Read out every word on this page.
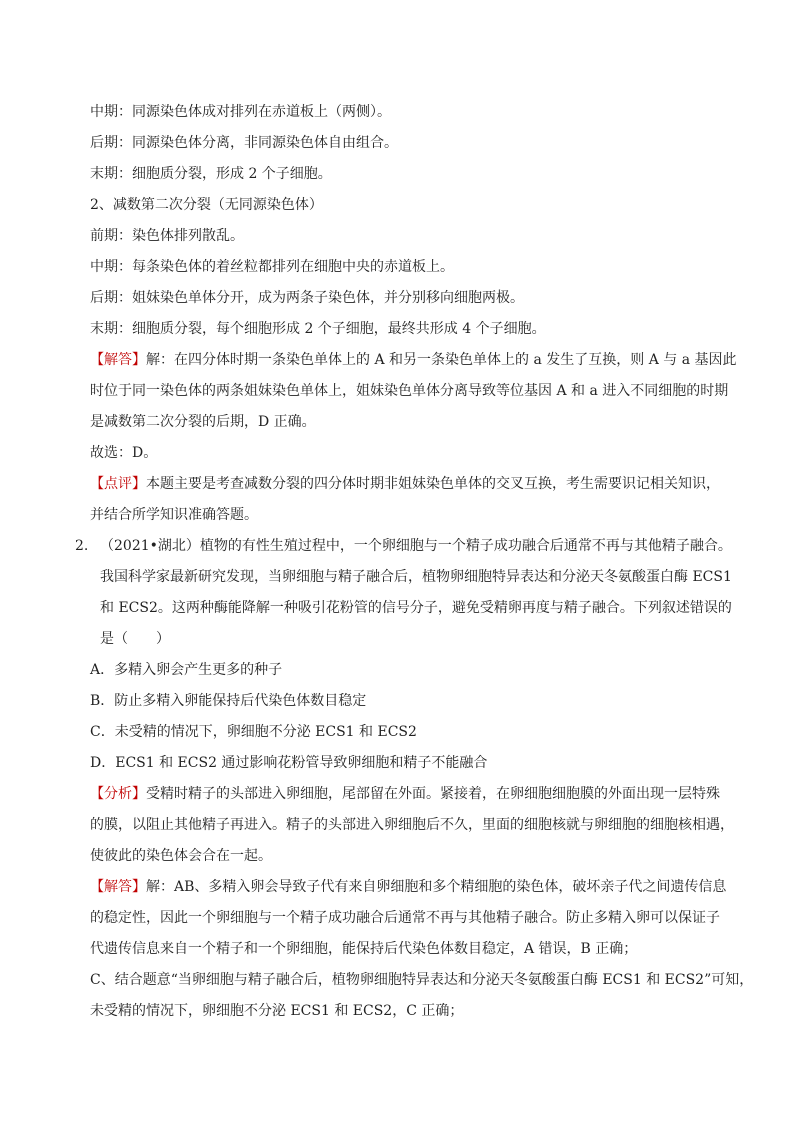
中期：同源染色体成对排列在赤道板上（两侧）。
后期：同源染色体分离，非同源染色体自由组合。
末期：细胞质分裂，形成 2 个子细胞。
2、减数第二次分裂（无同源染色体）
前期：染色体排列散乱。
中期：每条染色体的着丝粒都排列在细胞中央的赤道板上。
后期：姐妹染色单体分开，成为两条子染色体，并分别移向细胞两极。
末期：细胞质分裂，每个细胞形成 2 个子细胞，最终共形成 4 个子细胞。
【解答】解：在四分体时期一条染色单体上的 A 和另一条染色单体上的 a 发生了互换，则 A 与 a 基因此
时位于同一染色体的两条姐妹染色单体上，姐妹染色单体分离导致等位基因 A 和 a 进入不同细胞的时期
是减数第二次分裂的后期，D 正确。
故选：D。
【点评】本题主要是考查减数分裂的四分体时期非姐妹染色单体的交叉互换，考生需要识记相关知识，
并结合所学知识准确答题。
2. （2021•湖北）植物的有性生殖过程中，一个卵细胞与一个精子成功融合后通常不再与其他精子融合。
我国科学家最新研究发现，当卵细胞与精子融合后，植物卵细胞特异表达和分泌天冬氨酸蛋白酶 ECS1
和 ECS2。这两种酶能降解一种吸引花粉管的信号分子，避免受精卵再度与精子融合。下列叙述错误的
是（　　）
A．多精入卵会产生更多的种子
B．防止多精入卵能保持后代染色体数目稳定
C．未受精的情况下，卵细胞不分泌 ECS1 和 ECS2
D．ECS1 和 ECS2 通过影响花粉管导致卵细胞和精子不能融合
【分析】受精时精子的头部进入卵细胞，尾部留在外面。紧接着，在卵细胞细胞膜的外面出现一层特殊
的膜，以阻止其他精子再进入。精子的头部进入卵细胞后不久，里面的细胞核就与卵细胞的细胞核相遇，
使彼此的染色体会合在一起。
【解答】解：AB、多精入卵会导致子代有来自卵细胞和多个精细胞的染色体，破坏亲子代之间遗传信息
的稳定性，因此一个卵细胞与一个精子成功融合后通常不再与其他精子融合。防止多精入卵可以保证子
代遗传信息来自一个精子和一个卵细胞，能保持后代染色体数目稳定，A 错误，B 正确；
C、结合题意“当卵细胞与精子融合后，植物卵细胞特异表达和分泌天冬氨酸蛋白酶 ECS1 和 ECS2”可知，
未受精的情况下，卵细胞不分泌 ECS1 和 ECS2，C 正确；
